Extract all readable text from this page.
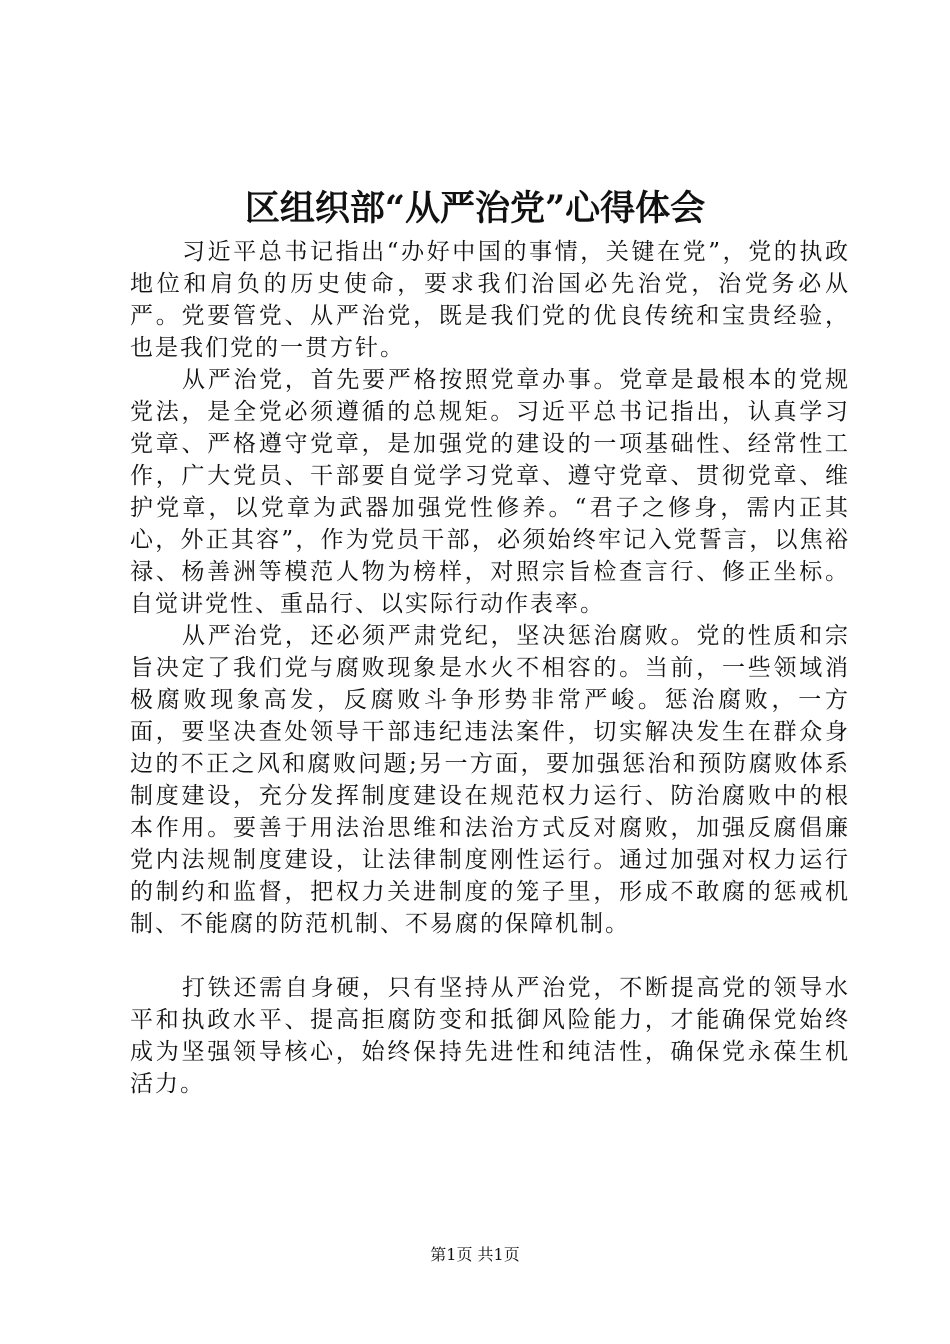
区组织部“从严治党”心得体会

习近平总书记指出“办好中国的事情，关键在党”，党的执政地位和肩负的历史使命，要求我们治国必先治党，治党务必从严。党要管党、从严治党，既是我们党的优良传统和宝贵经验，也是我们党的一贯方针。

从严治党，首先要严格按照党章办事。党章是最根本的党规党法，是全党必须遵循的总规矩。习近平总书记指出，认真学习党章、严格遵守党章，是加强党的建设的一项基础性、经常性工作，广大党员、干部要自觉学习党章、遵守党章、贯彻党章、维护党章，以党章为武器加强党性修养。“君子之修身，需内正其心，外正其容”，作为党员干部，必须始终牢记入党誓言，以焦裕禄、杨善洲等模范人物为榜样，对照宗旨检查言行、修正坐标。自觉讲党性、重品行、以实际行动作表率。

从严治党，还必须严肃党纪，坚决惩治腐败。党的性质和宗旨决定了我们党与腐败现象是水火不相容的。当前，一些领域消极腐败现象高发，反腐败斗争形势非常严峻。惩治腐败，一方面，要坚决查处领导干部违纪违法案件，切实解决发生在群众身边的不正之风和腐败问题;另一方面，要加强惩治和预防腐败体系制度建设，充分发挥制度建设在规范权力运行、防治腐败中的根本作用。要善于用法治思维和法治方式反对腐败，加强反腐倡廉党内法规制度建设，让法律制度刚性运行。通过加强对权力运行的制约和监督，把权力关进制度的笼子里，形成不敢腐的惩戒机制、不能腐的防范机制、不易腐的保障机制。

打铁还需自身硬，只有坚持从严治党，不断提高党的领导水平和执政水平、提高拒腐防变和抵御风险能力，才能确保党始终成为坚强领导核心，始终保持先进性和纯洁性，确保党永葆生机活力。

第1页 共1页
